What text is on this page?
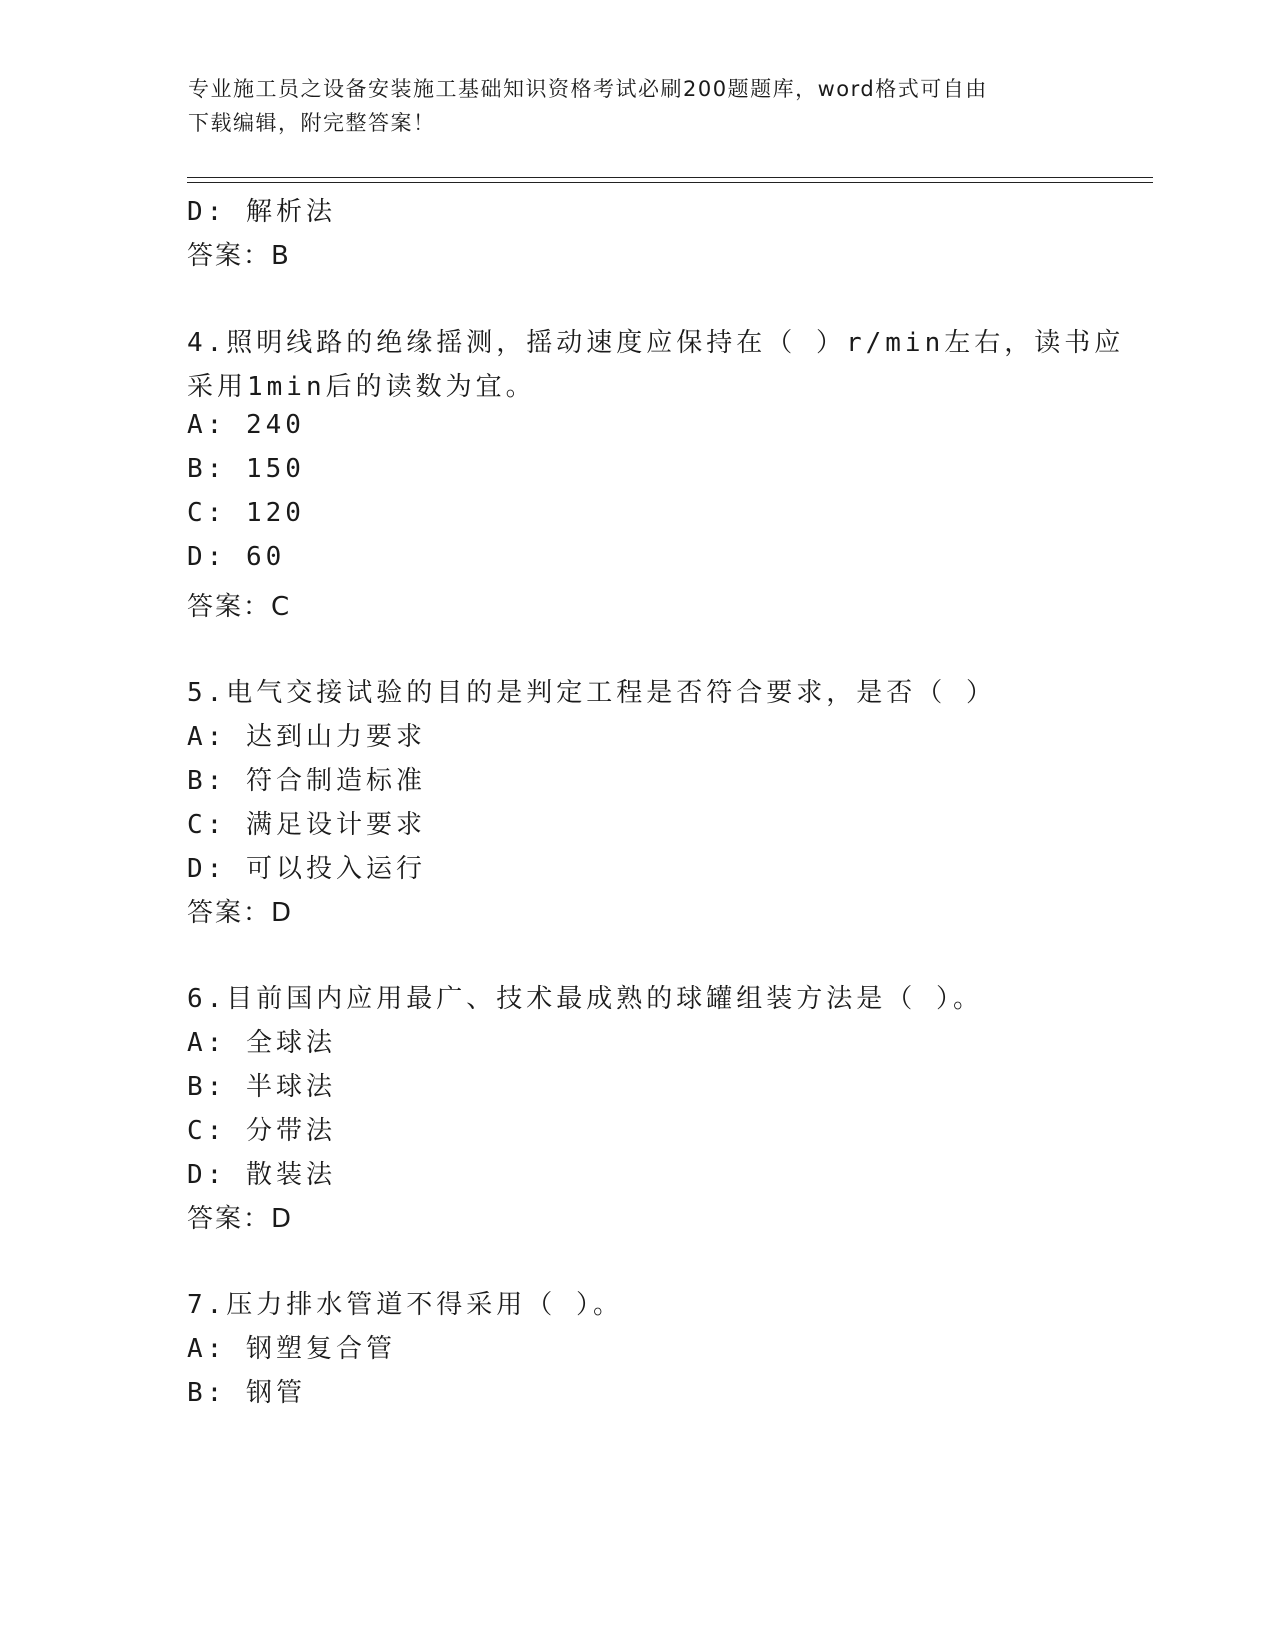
专业施工员之设备安装施工基础知识资格考试必刷200题题库，word格式可自由
下载编辑，附完整答案！
D: 解析法
答案：B
4.照明线路的绝缘摇测，摇动速度应保持在（ ）r/min左右，读书应
采用1min后的读数为宜。
A: 240
B: 150
C: 120
D: 60
答案：C
5.电气交接试验的目的是判定工程是否符合要求，是否（ ）
A: 达到山力要求
B: 符合制造标准
C: 满足设计要求
D: 可以投入运行
答案：D
6.目前国内应用最广、技术最成熟的球罐组装方法是（ ）。
A: 全球法
B: 半球法
C: 分带法
D: 散装法
答案：D
7.压力排水管道不得采用（ ）。
A: 钢塑复合管
B: 钢管
